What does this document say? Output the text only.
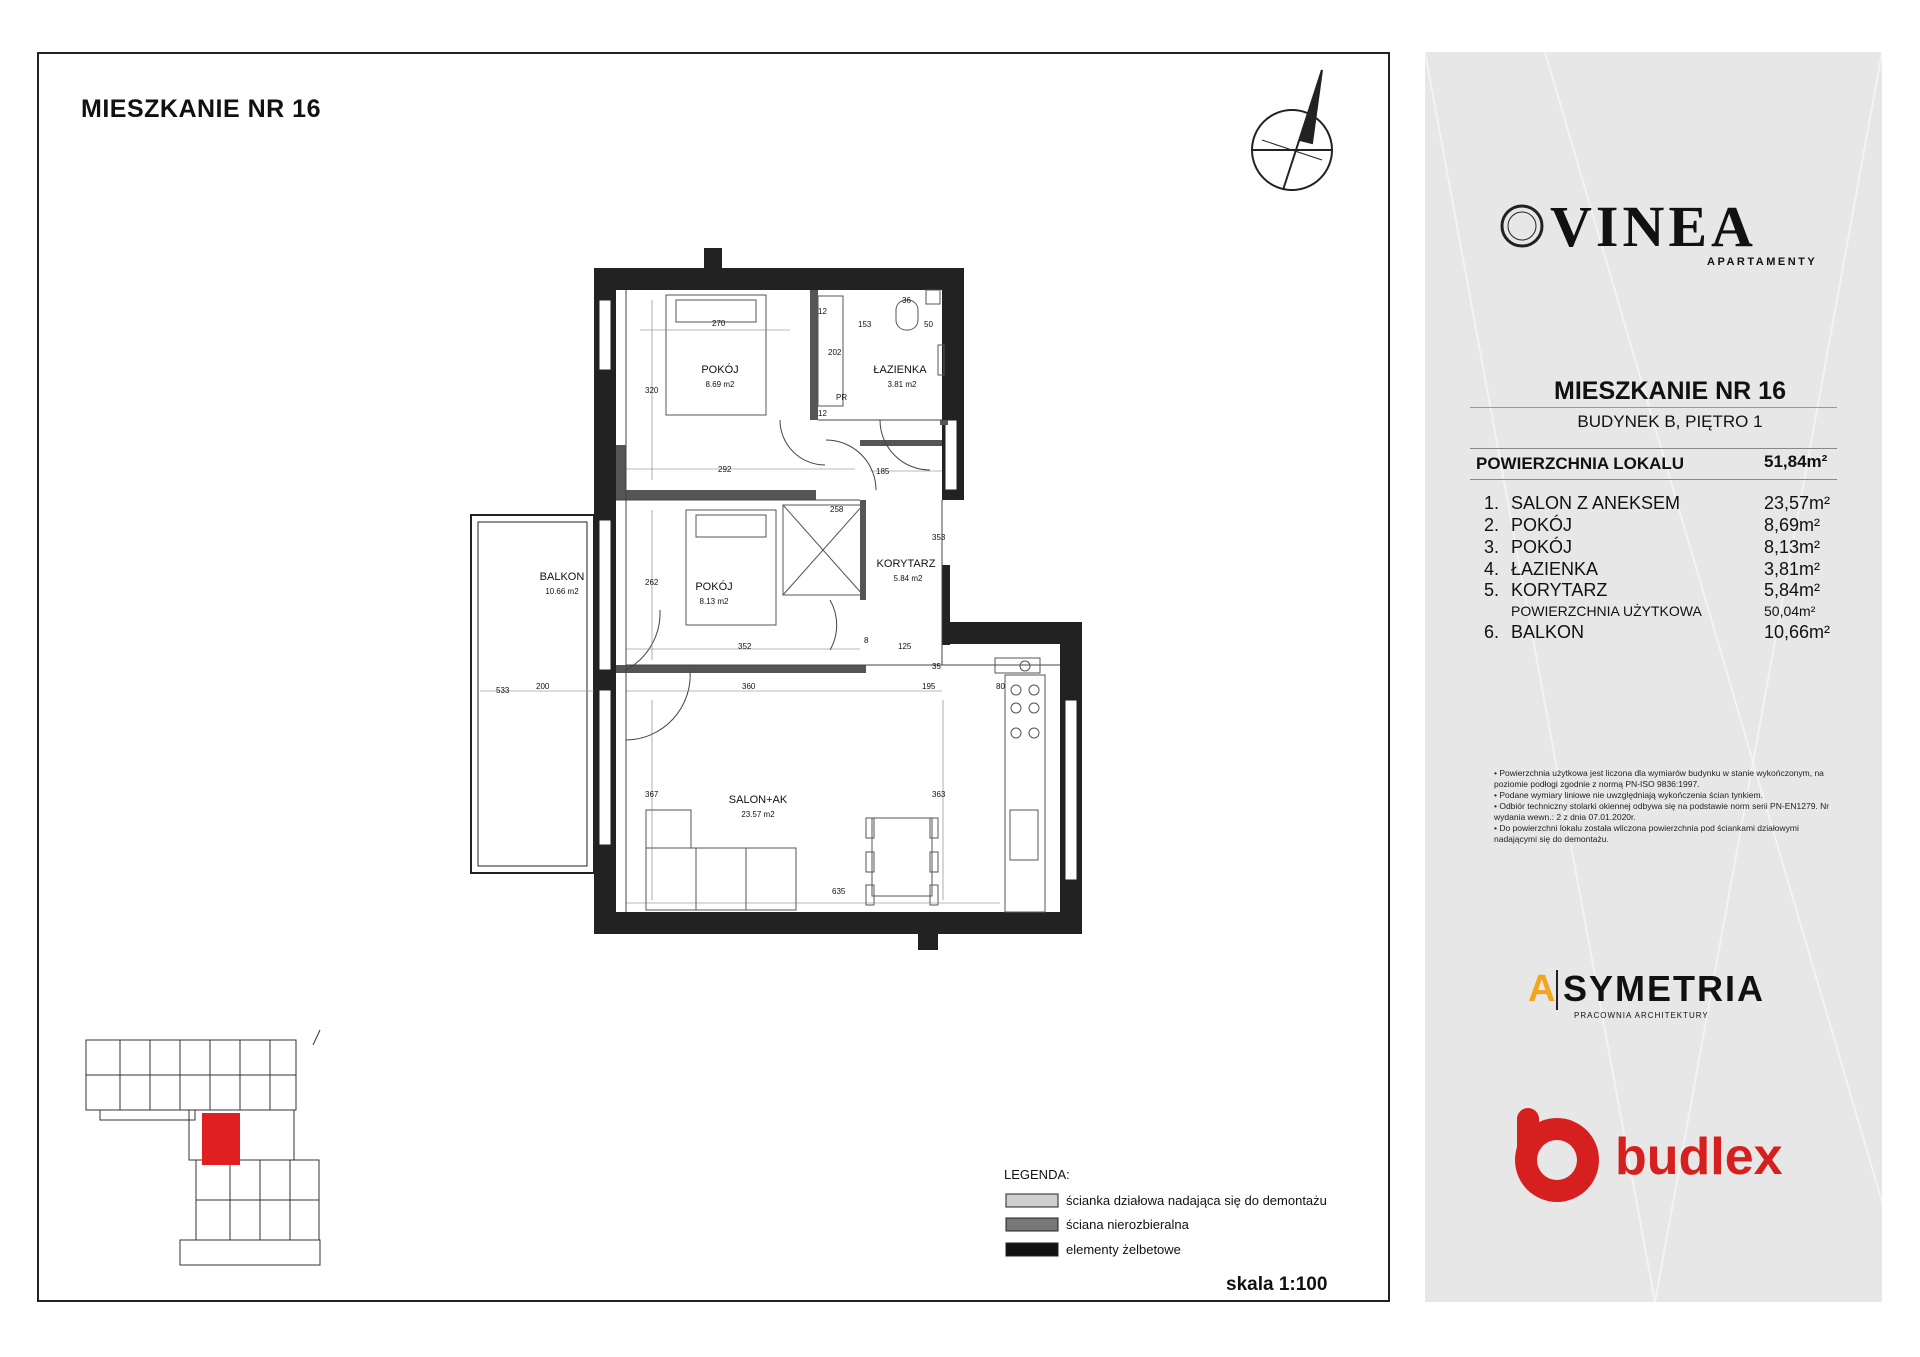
MIESZKANIE NR 16
POKÓJ
8.69 m2
ŁAZIENKA
3.81 m2
POKÓJ
8.13 m2
KORYTARZ
5.84 m2
BALKON
10.66 m2
SALON+AK
23.57 m2
PR
270	153	50
12
202
320
292	185
258
262
353
352	125
8
35
200	360	195	80
533
367	363
635
36
12
LEGENDA:
ścianka działowa nadająca się do demontażu
ściana nierozbieralna
elementy żelbetowe
skala 1:100
VINEA
APARTAMENTY
MIESZKANIE NR 16
BUDYNEK B, PIĘTRO 1
POWIERZCHNIA LOKALU	51,84m²
1. SALON Z ANEKSEM	23,57m²
2. POKÓJ	8,69m²
3. POKÓJ	8,13m²
4. ŁAZIENKA	3,81m²
5. KORYTARZ	5,84m²
POWIERZCHNIA UŻYTKOWA	50,04m²
6. BALKON	10,66m²
• Powierzchnia użytkowa jest liczona dla wymiarów budynku w stanie wykończonym, na poziomie podłogi zgodnie z normą PN-ISO 9836:1997.
• Podane wymiary liniowe nie uwzględniają wykończenia ścian tynkiem.
• Odbiór techniczny stolarki okiennej odbywa się na podstawie norm serii PN-EN1279. Nr wydania wewn.: 2 z dnia 07.01.2020r.
• Do powierzchni lokalu została wliczona powierzchnia pod ściankami działowymi nadającymi się do demontażu.
A SYMETRIA
PRACOWNIA ARCHITEKTURY
budlex
